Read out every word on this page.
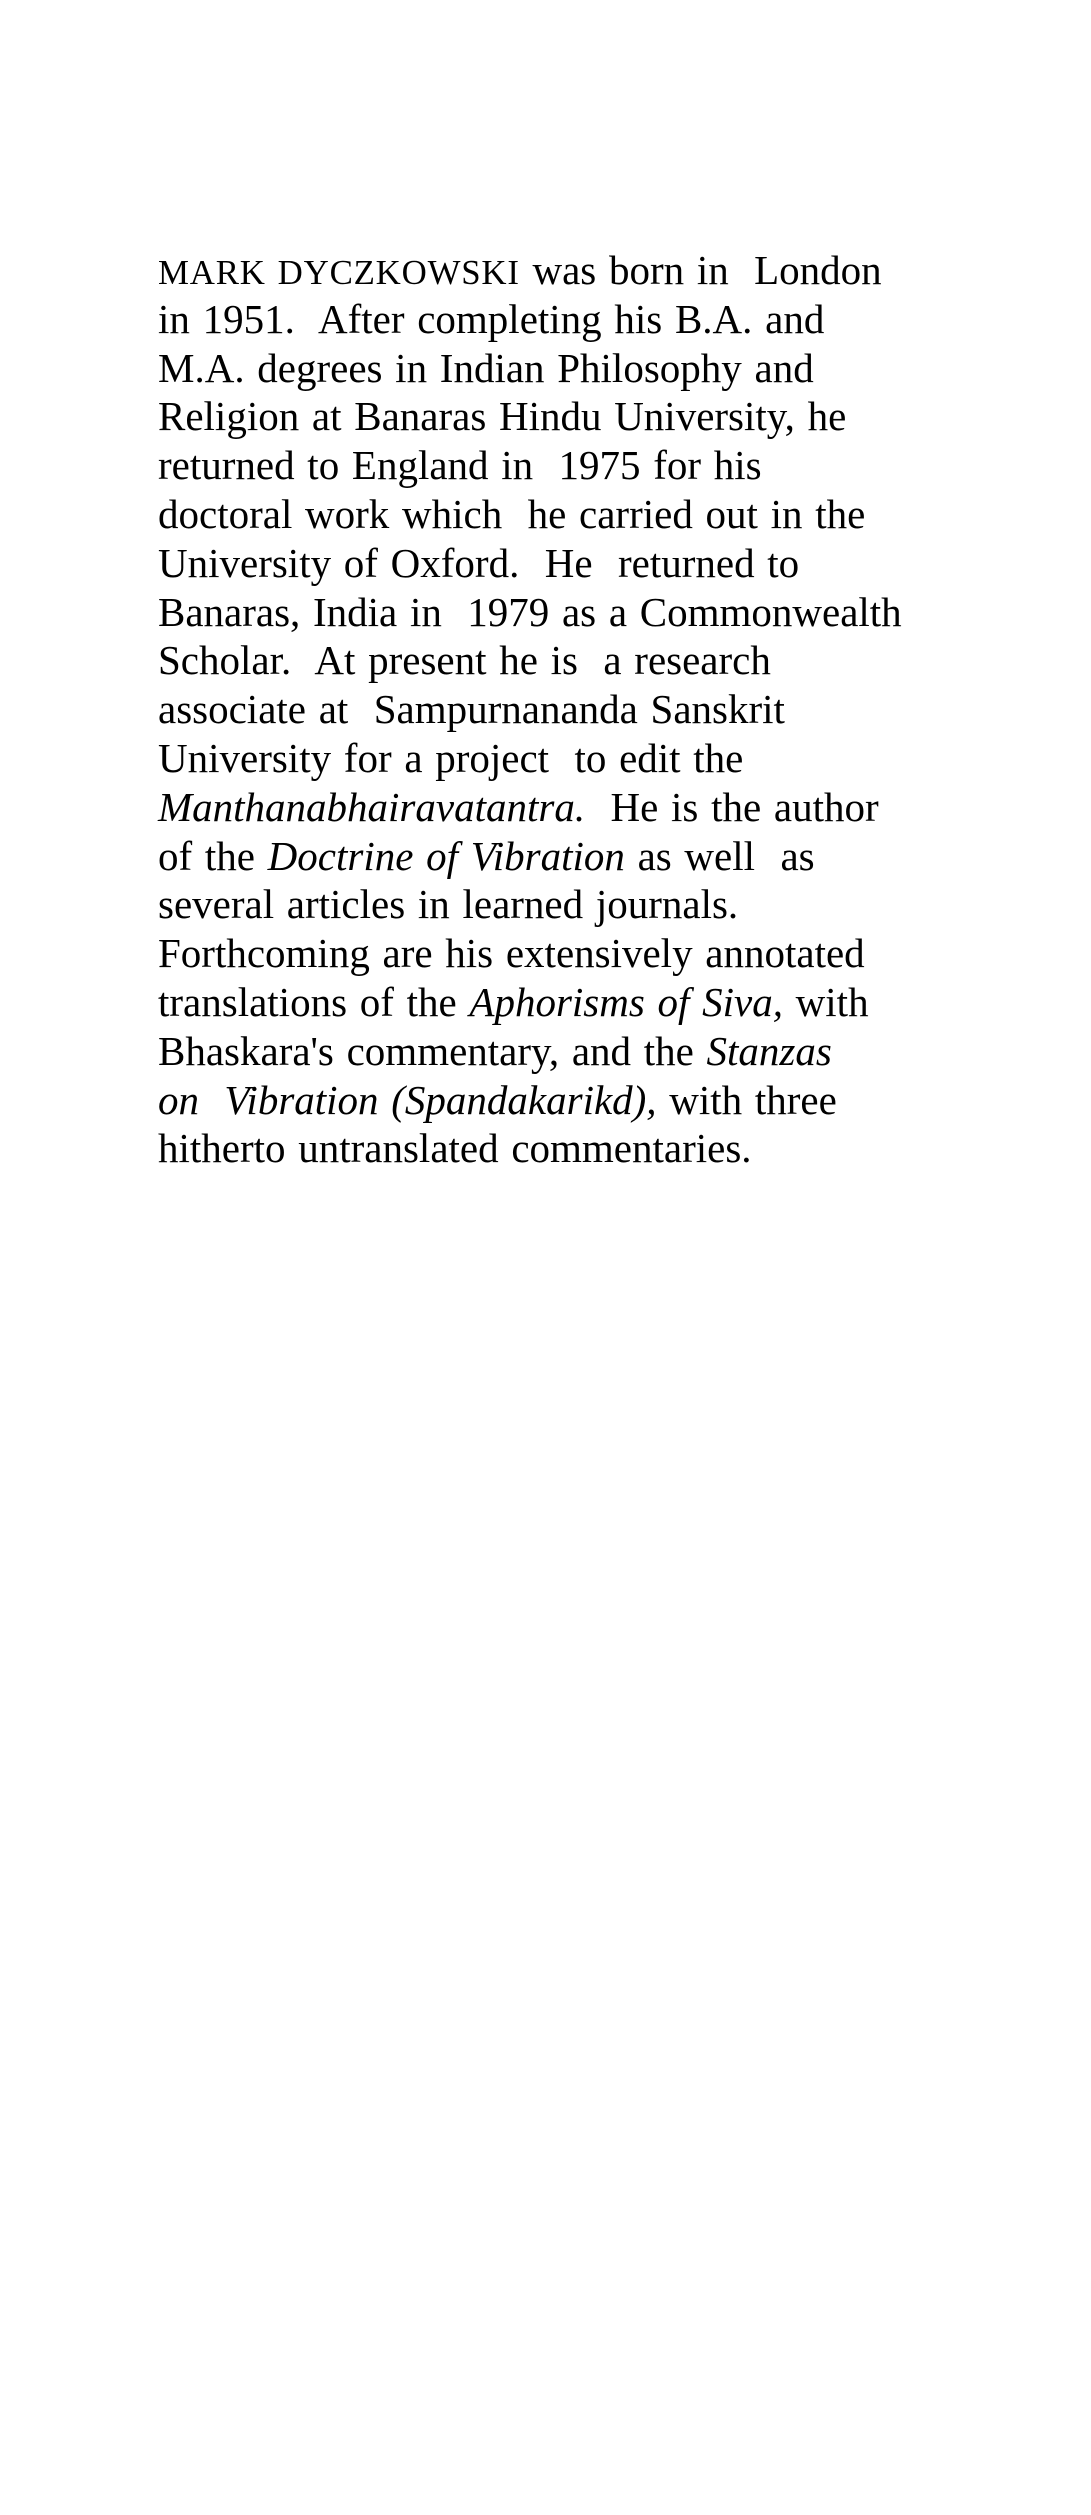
MARK DYCZKOWSKI was born in  London
in 1951.  After completing his B.A. and
M.A. degrees in Indian Philosophy and
Religion at Banaras Hindu University, he
returned to England in  1975 for his
doctoral work which  he carried out in the
University of Oxford.  He  returned to
Banaras, India in  1979 as a Commonwealth
Scholar.  At present he is  a research
associate at  Sampurnananda Sanskrit
University for a project  to edit the
Manthanabhairavatantra.  He is the author
of the Doctrine of Vibration as well  as
several articles in learned journals.
Forthcoming are his extensively annotated
translations of the Aphorisms of Siva, with
Bhaskara's commentary, and the Stanzas
on  Vibration (Spandakarikd), with three
hitherto untranslated commentaries.
